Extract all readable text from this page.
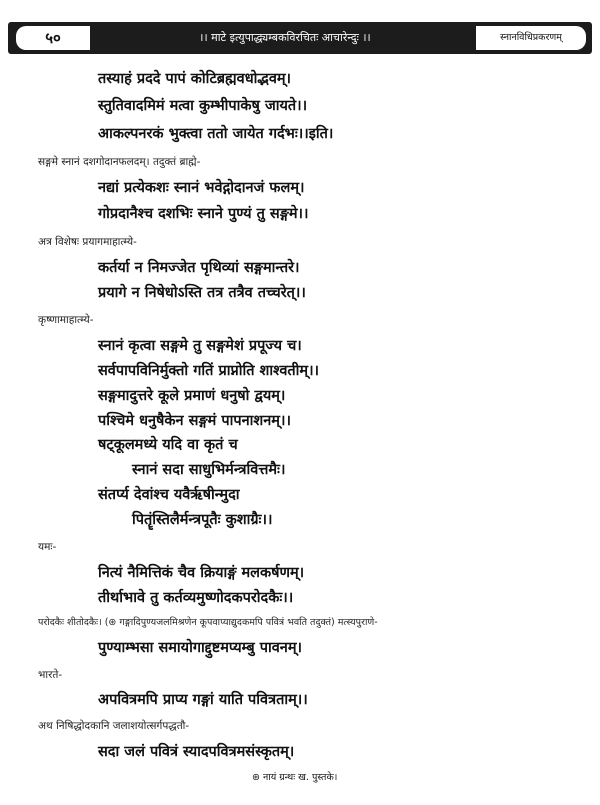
५०	।। माटे इत्युपाद्ध्यम्बकविरचितः आचारेन्दुः ।।	स्नानविधिप्रकरणम्
तस्याहं प्रददे पापं कोटिब्रह्मवधोद्भवम्।
स्तुतिवादमिमं मत्वा कुम्भीपाकेषु जायते।।
आकल्पनरकं भुक्त्वा ततो जायेत गर्दभः।।इति।
सङ्गमे स्नानं दशगोदानफलदम्। तदुक्तं ब्राह्मे-
नद्यां प्रत्येकशः स्नानं भवेद्गोदानजं फलम्।
गोप्रदानैश्च दशभिः स्नाने पुण्यं तु सङ्गमे।।
अत्र विशेषः प्रयागमाहात्म्ये-
कर्तर्या न निमज्जेत पृथिव्यां सङ्गमान्तरे।
प्रयागे न निषेधोऽस्ति तत्र तत्रैव तच्चरेत्।।
कृष्णामाहात्म्ये-
स्नानं कृत्वा सङ्गमे तु सङ्गमेशं प्रपूज्य च।
सर्वपापविनिर्मुक्तो गतिं प्राप्नोति शाश्वतीम्।।
सङ्गमादुत्तरे कूले प्रमाणं धनुषो द्वयम्।
पश्चिमे धनुषैकेन सङ्गमं पापनाशनम्।।
षट्कूलमध्ये यदि वा कृतं च
स्नानं सदा साधुभिर्मन्त्रवित्तमैः।
संतर्प्य देवांश्च यवैर्ऋषीन्मुदा
पितॄंस्तिलैर्मन्त्रपूतैः कुशाग्रैः।।
यमः-
नित्यं नैमित्तिकं चैव क्रियाङ्गं मलकर्षणम्।
तीर्थाभावे तु कर्तव्यमुष्णोदकपरोदकैः।।
परोदकैः शीतोदकैः। (⊛ गङ्गादिपुण्यजलमिश्रणेन कूपवाप्याद्युदकमपि पवित्रं भवति तदुक्तं) मत्स्यपुराणे-
पुण्याम्भसा समायोगाद्दुष्टमप्यम्बु पावनम्।
भारते-
अपवित्रमपि प्राप्य गङ्गां याति पवित्रताम्।।
अथ निषिद्धोदकानि जलाशयोत्सर्गपद्धतौ-
सदा जलं पवित्रं स्यादपवित्रमसंस्कृतम्।
⊛ नायं ग्रन्थः ख. पुस्तके।
